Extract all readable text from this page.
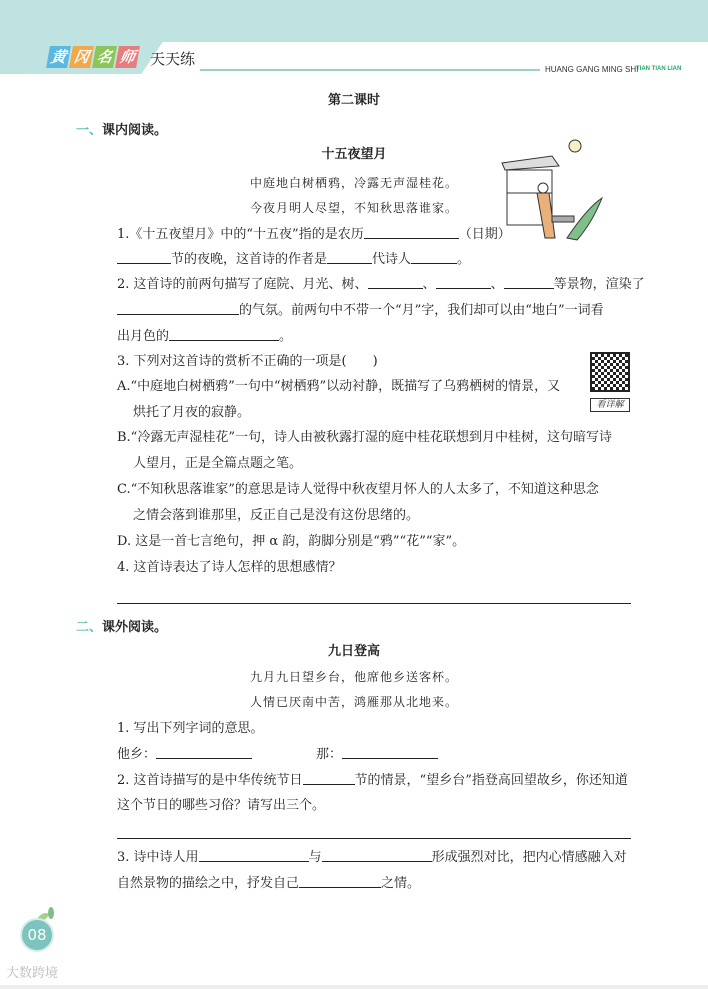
黄 冈 名 师 天天练
HUANG GANG MING SHI
TIAN TIAN LIAN
第二课时
一、课内阅读。
十五夜望月
中庭地白树栖鸦，冷露无声湿桂花。
今夜月明人尽望，不知秋思落谁家。
1.《十五夜望月》中的“十五夜”指的是农历	（日期）
节的夜晚，这首诗的作者是	代诗人	。
2. 这首诗的前两句描写了庭院、月光、树、	、	、	等景物，渲染了
的气氛。前两句中不带一个“月”字，我们却可以由“地白”一词看
出月色的	。
3. 下列对这首诗的赏析不正确的一项是(　　)
看详解
A.“中庭地白树栖鸦”一句中“树栖鸦”以动衬静，既描写了乌鸦栖树的情景，又
烘托了月夜的寂静。
B.“冷露无声湿桂花”一句，诗人由被秋露打湿的庭中桂花联想到月中桂树，这句暗写诗
人望月，正是全篇点题之笔。
C.“不知秋思落谁家”的意思是诗人觉得中秋夜望月怀人的人太多了，不知道这种思念
之情会落到谁那里，反正自己是没有这份思绪的。
D. 这是一首七言绝句，押 α 韵，韵脚分别是“鸦”“花”“家”。
4. 这首诗表达了诗人怎样的思想感情？
二、课外阅读。
九日登高
九月九日望乡台，他席他乡送客杯。
人情已厌南中苦，鸿雁那从北地来。
1. 写出下列字词的意思。
他乡：	那：
2. 这首诗描写的是中华传统节日	节的情景，“望乡台”指登高回望故乡，你还知道
这个节日的哪些习俗？请写出三个。
3. 诗中诗人用	与	形成强烈对比，把内心情感融入对
自然景物的描绘之中，抒发自己	之情。
08
大数跨境
